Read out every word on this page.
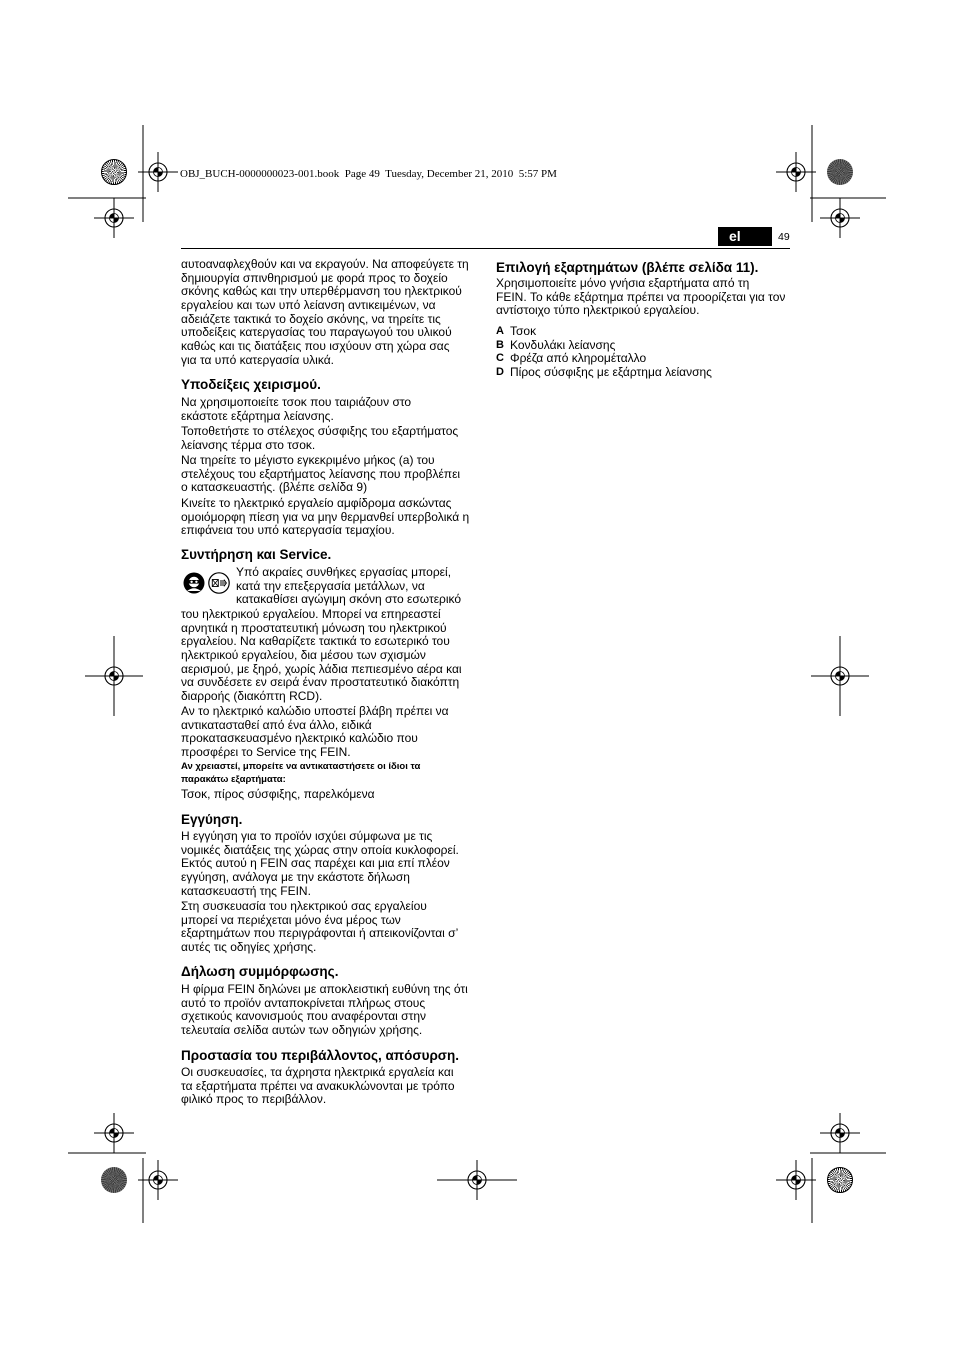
OBJ_BUCH-0000000023-001.book  Page 49  Tuesday, December 21, 2010  5:57 PM
el	49
αυτοαναφλεχθούν και να εκραγούν. Να αποφεύγετε τη
δημιουργία σπινθηρισμού με φορά προς το δοχείο
σκόνης καθώς και την υπερθέρμανση του ηλεκτρικού
εργαλείου και των υπό λείανση αντικειμένων, να
αδειάζετε τακτικά το δοχείο σκόνης, να τηρείτε τις
υποδείξεις κατεργασίας του παραγωγού του υλικού
καθώς και τις διατάξεις που ισχύουν στη χώρα σας
για τα υπό κατεργασία υλικά.
Υποδείξεις χειρισμού.
Να χρησιμοποιείτε τσοκ που ταιριάζουν στο
εκάστοτε εξάρτημα λείανσης.
Τοποθετήστε το στέλεχος σύσφιξης του εξαρτήματος
λείανσης τέρμα στο τσοκ.
Να τηρείτε το μέγιστο εγκεκριμένο μήκος (a) του
στελέχους του εξαρτήματος λείανσης που προβλέπει
ο κατασκευαστής. (βλέπε σελίδα 9)
Κινείτε το ηλεκτρικό εργαλείο αμφίδρομα ασκώντας
ομοιόμορφη πίεση για να μην θερμανθεί υπερβολικά η
επιφάνεια του υπό κατεργασία τεμαχίου.
Συντήρηση και Service.
Υπό ακραίες συνθήκες εργασίας μπορεί,
κατά την επεξεργασία μετάλλων, να
κατακαθίσει αγώγιμη σκόνη στο εσωτερικό
του ηλεκτρικού εργαλείου. Μπορεί να επηρεαστεί
αρνητικά η προστατευτική μόνωση του ηλεκτρικού
εργαλείου. Να καθαρίζετε τακτικά το εσωτερικό του
ηλεκτρικού εργαλείου, δια μέσου των σχισμών
αερισμού, με ξηρό, χωρίς λάδια πεπιεσμένο αέρα και
να συνδέσετε εν σειρά έναν προστατευτικό διακόπτη
διαρροής (διακόπτη RCD).
Αν το ηλεκτρικό καλώδιο υποστεί βλάβη πρέπει να
αντικατασταθεί από ένα άλλο, ειδικά
προκατασκευασμένο ηλεκτρικό καλώδιο που
προσφέρει το Service της FEIN.
Αν χρειαστεί, μπορείτε να αντικαταστήσετε οι ίδιοι τα
παρακάτω εξαρτήματα:
Τσοκ, πίρος σύσφιξης, παρελκόμενα
Εγγύηση.
Η εγγύηση για το προϊόν ισχύει σύμφωνα με τις
νομικές διατάξεις της χώρας στην οποία κυκλοφορεί.
Εκτός αυτού η FEIN σας παρέχει και μια επί πλέον
εγγύηση, ανάλογα με την εκάστοτε δήλωση
κατασκευαστή της FEIN.
Στη συσκευασία του ηλεκτρικού σας εργαλείου
μπορεί να περιέχεται μόνο ένα μέρος των
εξαρτημάτων που περιγράφονται ή απεικονίζονται σ’
αυτές τις οδηγίες χρήσης.
Δήλωση συμμόρφωσης.
Η φίρμα FEIN δηλώνει με αποκλειστική ευθύνη της ότι
αυτό το προϊόν ανταποκρίνεται πλήρως στους
σχετικούς κανονισμούς που αναφέρονται στην
τελευταία σελίδα αυτών των οδηγιών χρήσης.
Προστασία του περιβάλλοντος, απόσυρση.
Οι συσκευασίες, τα άχρηστα ηλεκτρικά εργαλεία και
τα εξαρτήματα πρέπει να ανακυκλώνονται με τρόπο
φιλικό προς το περιβάλλον.
Επιλογή εξαρτημάτων (βλέπε σελίδα 11).
Χρησιμοποιείτε μόνο γνήσια εξαρτήματα από τη
FEIN. Το κάθε εξάρτημα πρέπει να προορίζεται για τον
αντίστοιχο τύπο ηλεκτρικού εργαλείου.
A Τσοκ
B Κονδυλάκι λείανσης
C Φρέζα από κληρομέταλλο
D Πίρος σύσφιξης με εξάρτημα λείανσης
